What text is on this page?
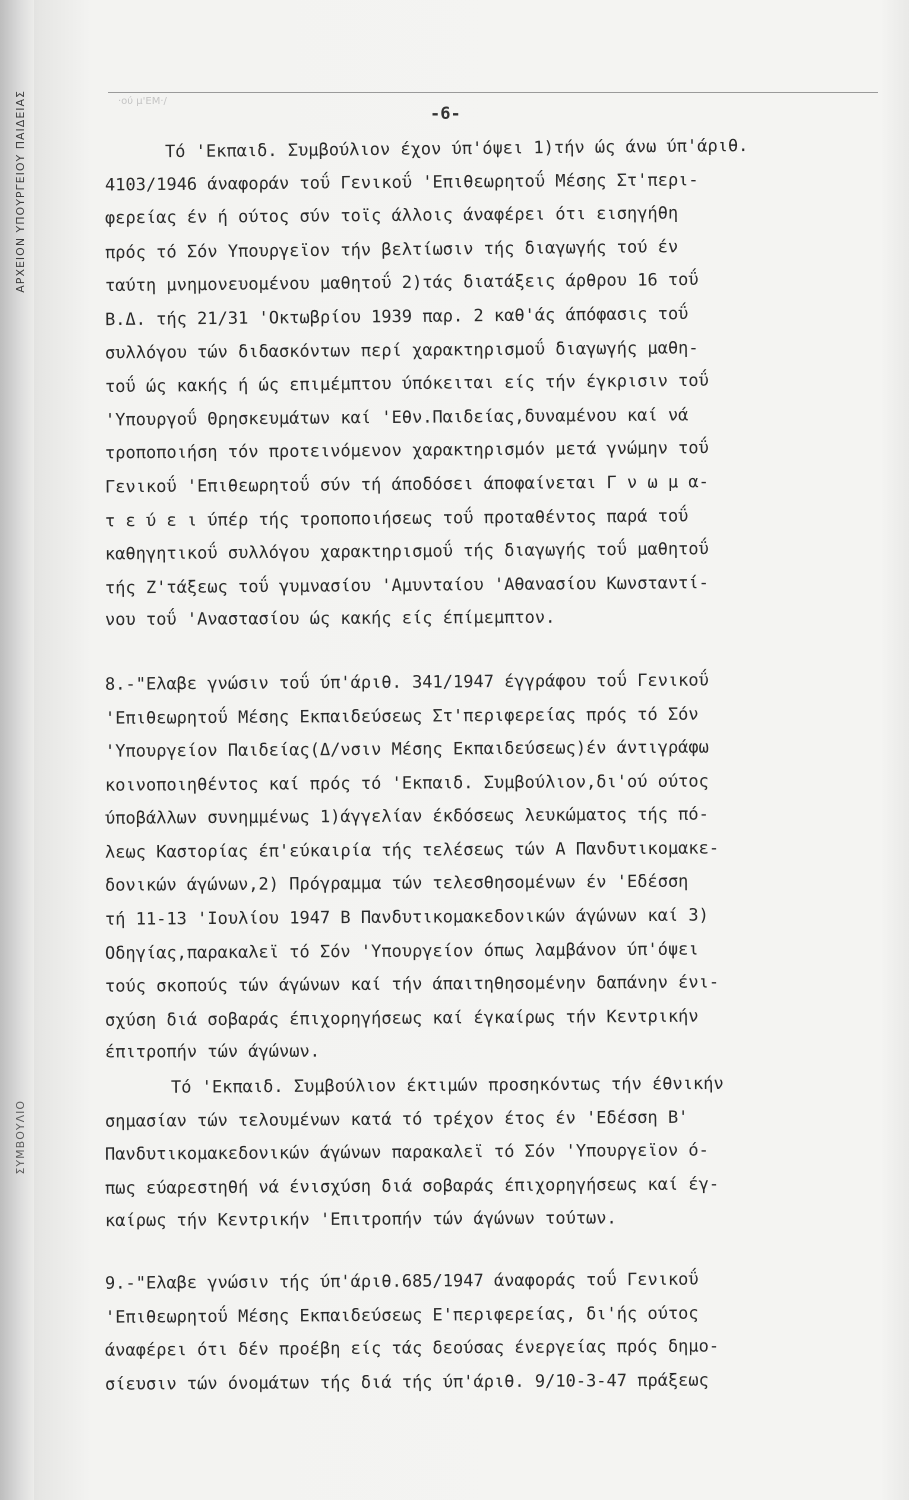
ΑΡΧΕΙΟΝ ΥΠΟΥΡΓΕΙΟΥ ΠΑΙΔΕΙΑΣ
ΣΥΜΒΟΥΛΙΟ
·ού μ'ΕΜ·/
-6-
Τό 'Εκπαιδ. Συμβούλιον έχον ύπ'όψει 1)τήν ώς άνω ύπ'άριθ.
4103/1946 άναφοράν τοΰ Γενικοΰ 'Επιθεωρητοΰ Μέσης Στ'περι-
φερείας έν ή ούτος σύν τοϊς άλλοις άναφέρει ότι εισηγήθη
πρός τό Σόν Υπουργεϊον τήν βελτίωσιν τής διαγωγής τού έν
ταύτη μνημονευομένου μαθητοΰ 2)τάς διατάξεις άρθρου 16 τοΰ
Β.Δ. τής 21/31 'Οκτωβρίου 1939 παρ. 2 καθ'άς άπόφασις τοΰ
συλλόγου τών διδασκόντων περί χαρακτηρισμοΰ διαγωγής μαθη-
τοΰ ώς κακής ή ώς επιμέμπτου ύπόκειται είς τήν έγκρισιν τοΰ
'Υπουργοΰ Θρησκευμάτων καί 'Εθν.Παιδείας,δυναμένου καί νά
τροποποιήση τόν προτεινόμενον χαρακτηρισμόν μετά γνώμην τοΰ
Γενικοΰ 'Επιθεωρητοΰ σύν τή άποδόσει άποφαίνεται Γ ν ω μ α-
τ ε ύ ε ι ύπέρ τής τροποποιήσεως τοΰ προταθέντος παρά τοΰ
καθηγητικοΰ συλλόγου χαρακτηρισμοΰ τής διαγωγής τοΰ μαθητοΰ
τής Ζ'τάξεως τοΰ γυμνασίου 'Αμυνταίου 'Αθανασίου Κωνσταντί-
νου τοΰ 'Αναστασίου ώς κακής είς έπίμεμπτον.
8.-"Ελαβε γνώσιν τοΰ ύπ'άριθ. 341/1947 έγγράφου τοΰ Γενικοΰ
'Επιθεωρητοΰ Μέσης Εκπαιδεύσεως Στ'περιφερείας πρός τό Σόν
'Υπουργείον Παιδείας(Δ/νσιν Μέσης Εκπαιδεύσεως)έν άντιγράφω
κοινοποιηθέντος καί πρός τό 'Εκπαιδ. Συμβούλιον,δι'ού ούτος
ύποβάλλων συνημμένως 1)άγγελίαν έκδόσεως λευκώματος τής πό-
λεως Καστορίας έπ'εύκαιρία τής τελέσεως τών Α Πανδυτικομακε-
δονικών άγώνων,2) Πρόγραμμα τών τελεσθησομένων έν 'Εδέσση
τή 11-13 'Ιουλίου 1947 Β Πανδυτικομακεδονικών άγώνων καί 3)
Οδηγίας,παρακαλεϊ τό Σόν 'Υπουργείον όπως λαμβάνον ύπ'όψει
τούς σκοπούς τών άγώνων καί τήν άπαιτηθησομένην δαπάνην ένι-
σχύση διά σοβαράς έπιχορηγήσεως καί έγκαίρως τήν Κεντρικήν
έπιτροπήν τών άγώνων.
Τό 'Εκπαιδ. Συμβούλιον έκτιμών προσηκόντως τήν έθνικήν
σημασίαν τών τελουμένων κατά τό τρέχον έτος έν 'Εδέσση Β'
Πανδυτικομακεδονικών άγώνων παρακαλεϊ τό Σόν 'Υπουργεϊον ό-
πως εύαρεστηθή νά ένισχύση διά σοβαράς έπιχορηγήσεως καί έγ-
καίρως τήν Κεντρικήν 'Επιτροπήν τών άγώνων τούτων.
9.-"Ελαβε γνώσιν τής ύπ'άριθ.685/1947 άναφοράς τοΰ Γενικοΰ
'Επιθεωρητοΰ Μέσης Εκπαιδεύσεως Ε'περιφερείας, δι'ής ούτος
άναφέρει ότι δέν προέβη είς τάς δεούσας ένεργείας πρός δημο-
σίευσιν τών όνομάτων τής διά τής ύπ'άριθ. 9/10-3-47 πράξεως
